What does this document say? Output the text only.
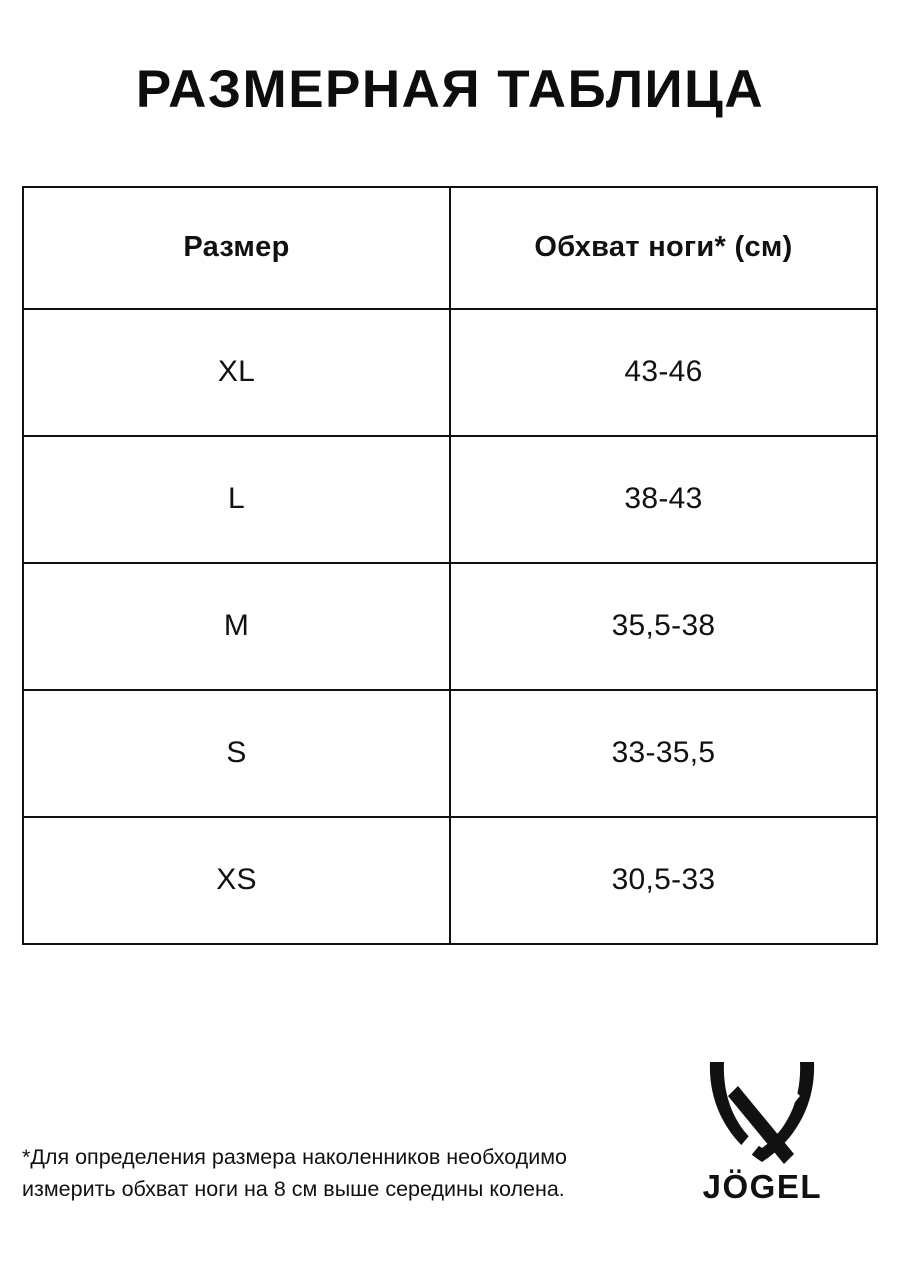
РАЗМЕРНАЯ ТАБЛИЦА
Размер	Обхват ноги* (см)
XL	43-46
L	38-43
M	35,5-38
S	33-35,5
XS	30,5-33
*Для определения размера наколенников необходимо измерить обхват ноги на 8 см выше середины колена.	JÖGEL
